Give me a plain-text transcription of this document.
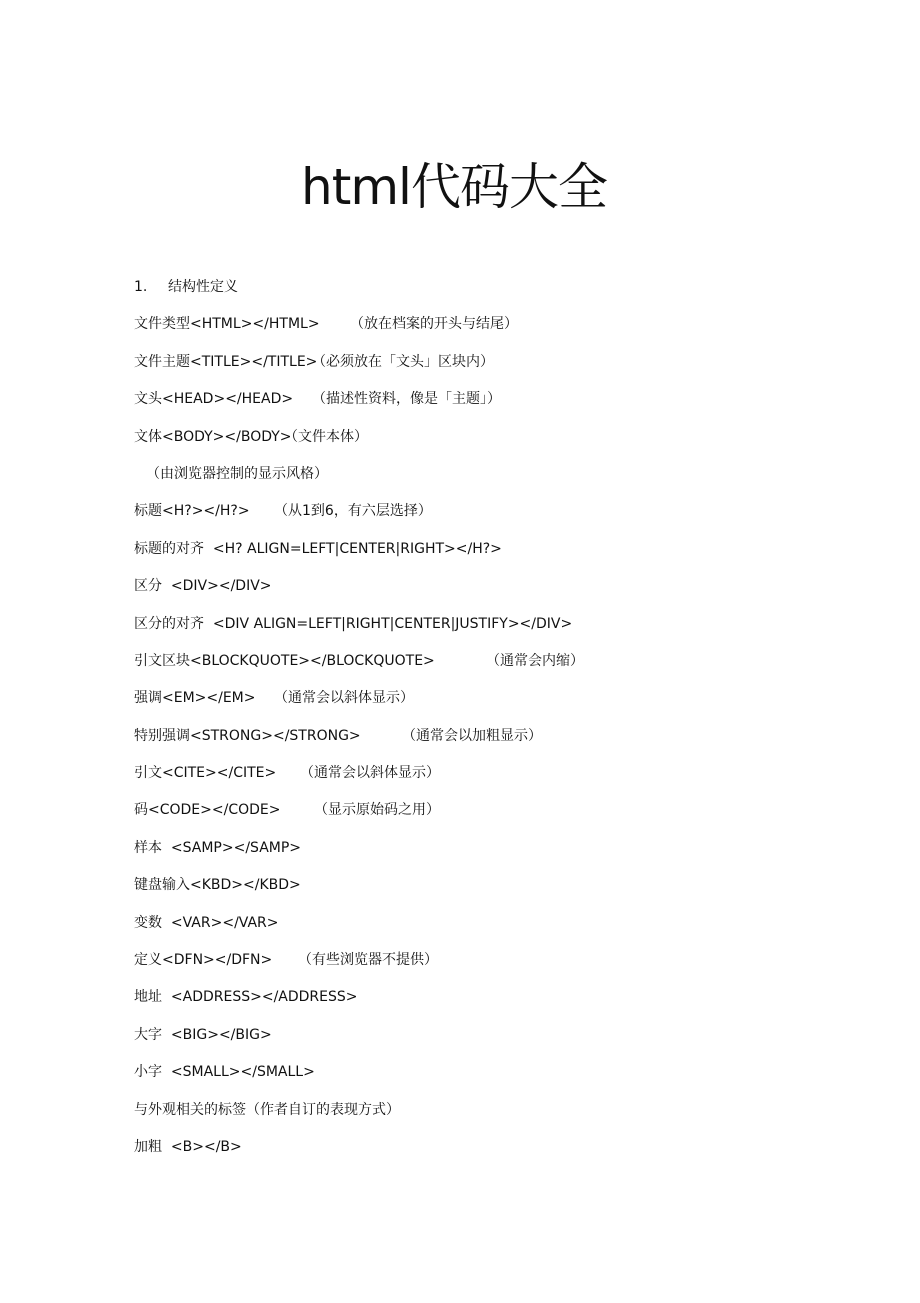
html代码大全
1. 结构性定义
文件类型<HTML></HTML> （放在档案的开头与结尾）
文件主题<TITLE></TITLE>（必须放在「文头」区块内）
文头<HEAD></HEAD> （描述性资料，像是「主题」）
文体<BODY></BODY>（文件本体）
（由浏览器控制的显示风格）
标题<H?></H?> （从1到6，有六层选择）
标题的对齐  <H? ALIGN=LEFT|CENTER|RIGHT></H?>
区分  <DIV></DIV>
区分的对齐  <DIV ALIGN=LEFT|RIGHT|CENTER|JUSTIFY></DIV>
引文区块<BLOCKQUOTE></BLOCKQUOTE>	（通常会内缩）
强调<EM></EM> （通常会以斜体显示）
特别强调<STRONG></STRONG>	（通常会以加粗显示）
引文<CITE></CITE> （通常会以斜体显示）
码<CODE></CODE> （显示原始码之用）
样本  <SAMP></SAMP>
键盘输入<KBD></KBD>
变数  <VAR></VAR>
定义<DFN></DFN> （有些浏览器不提供）
地址  <ADDRESS></ADDRESS>
大字  <BIG></BIG>
小字  <SMALL></SMALL>
与外观相关的标签（作者自订的表现方式）
加粗  <B></B>
